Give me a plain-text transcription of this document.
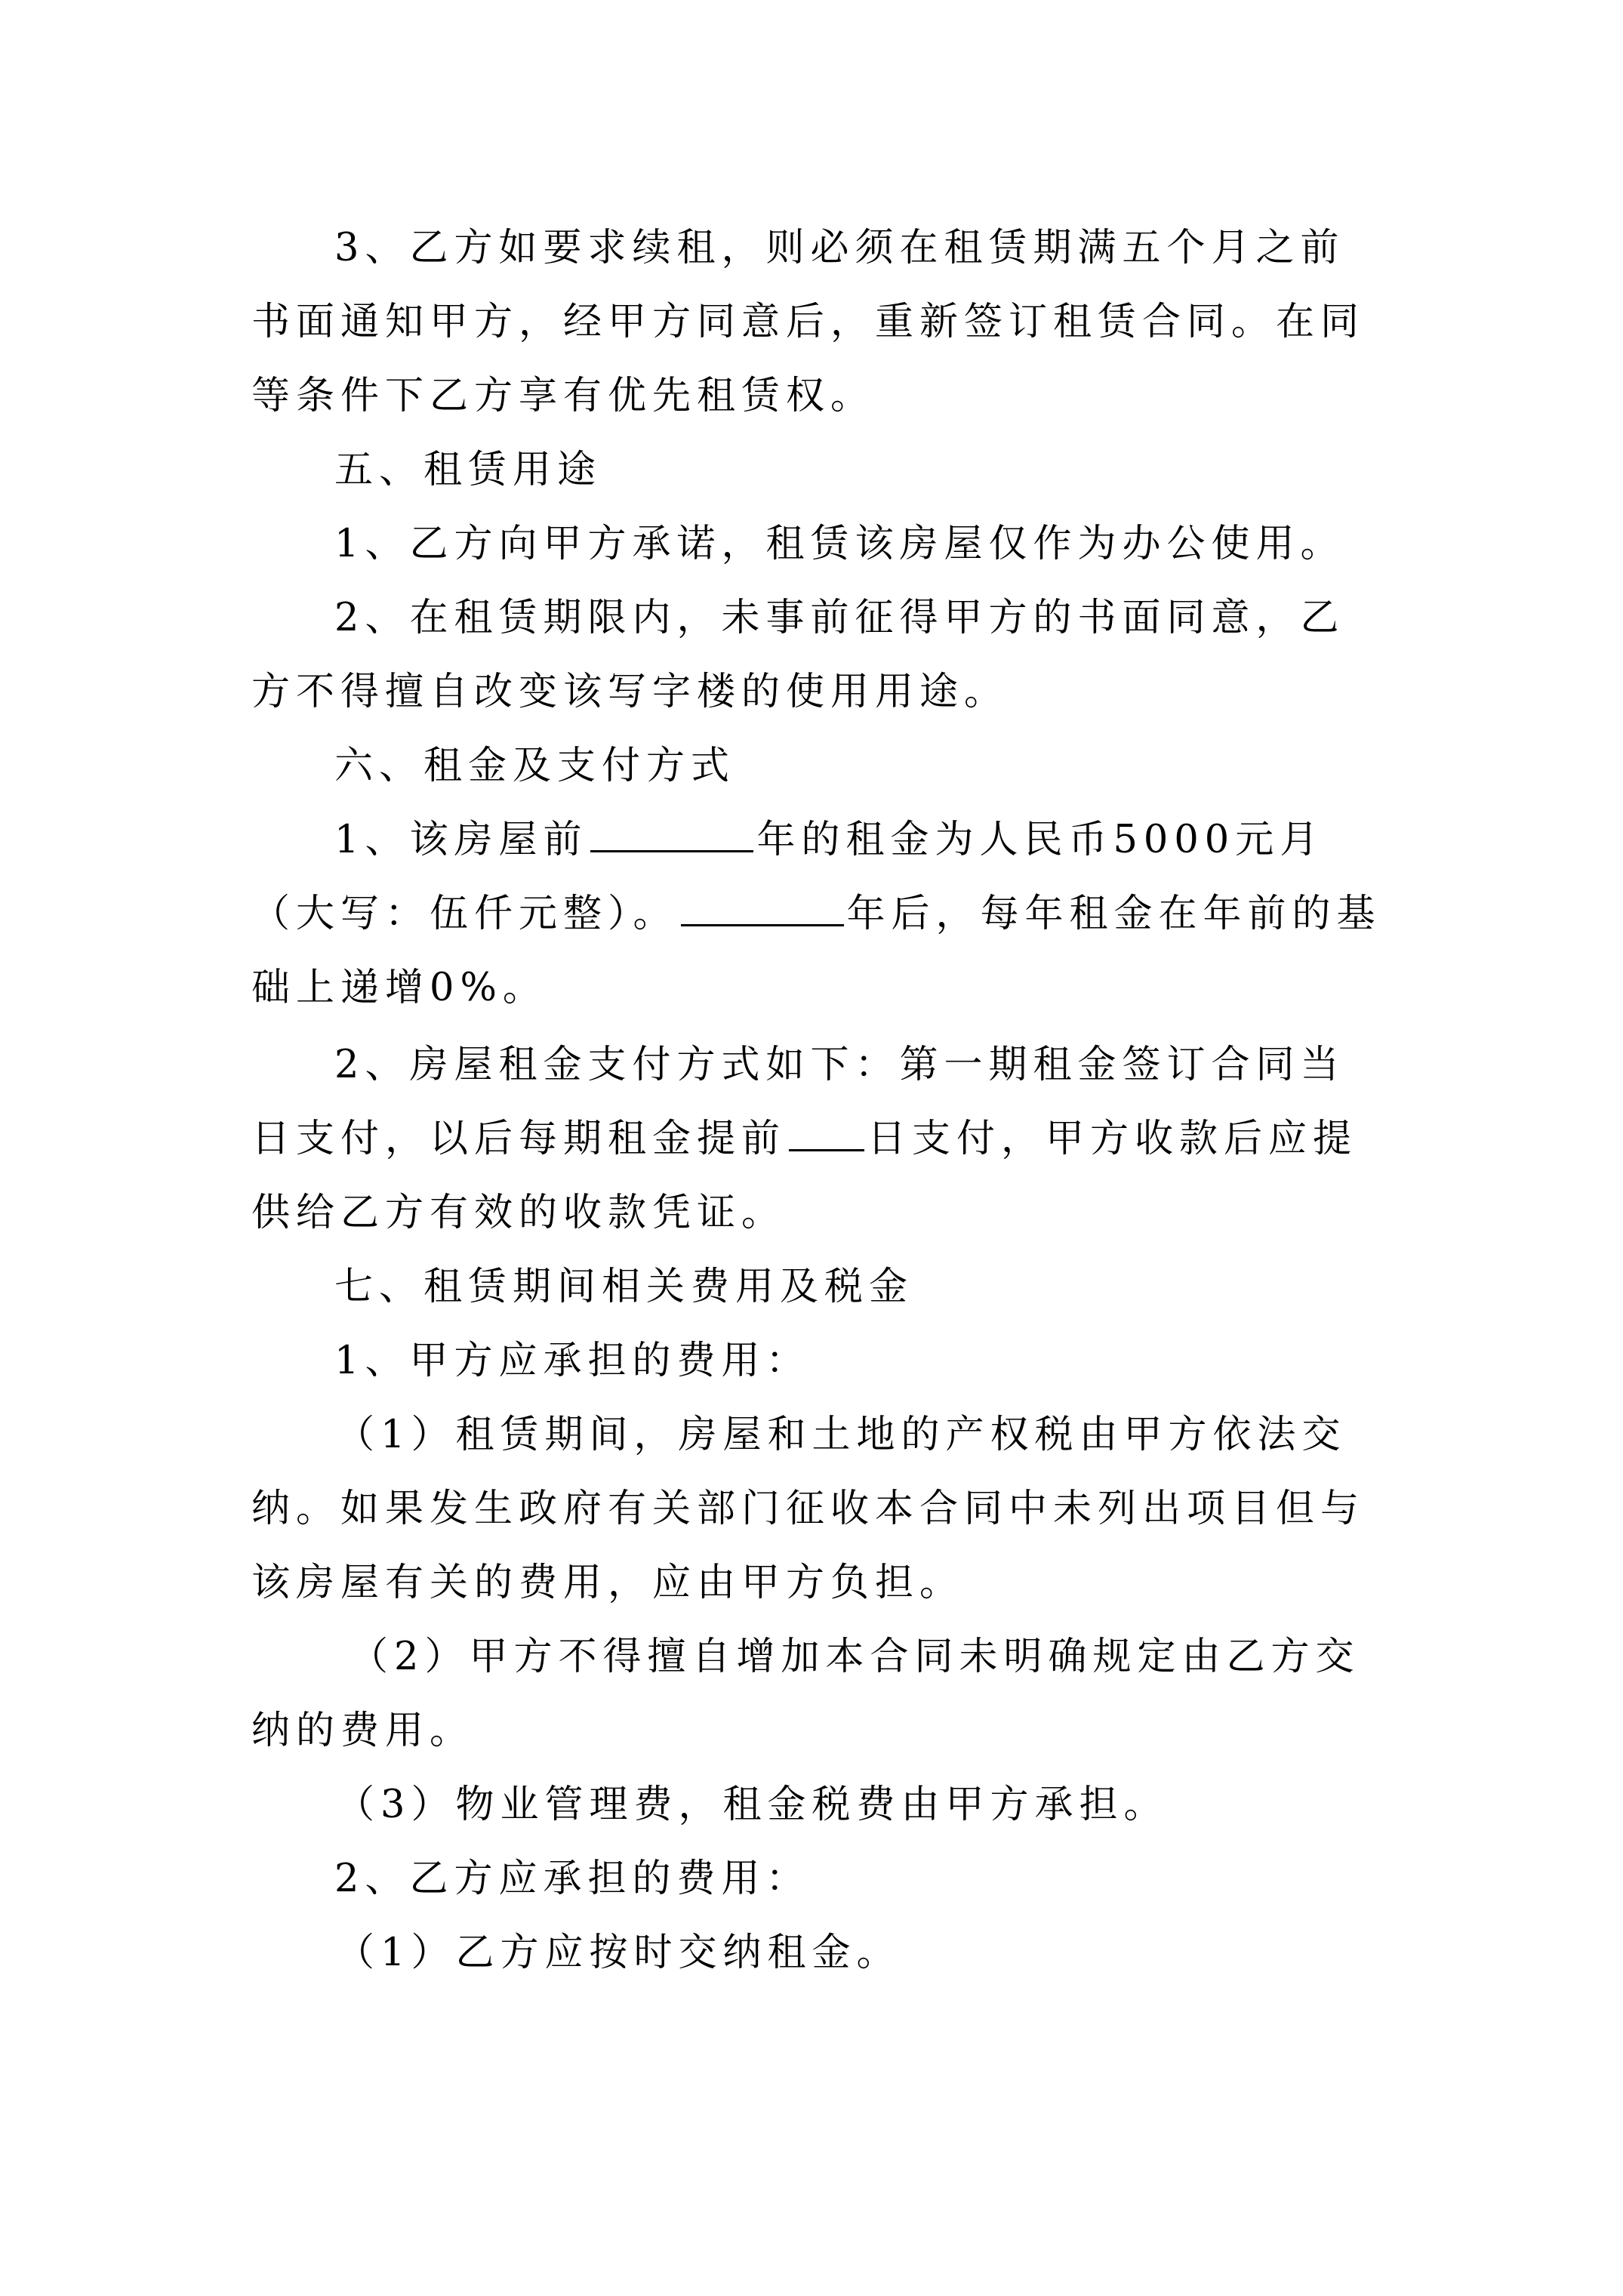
3、乙方如要求续租，则必须在租赁期满五个月之前书面通知甲方，经甲方同意后，重新签订租赁合同。在同等条件下乙方享有优先租赁权。

五、租赁用途

1、乙方向甲方承诺，租赁该房屋仅作为办公使用。

2、在租赁期限内，未事前征得甲方的书面同意，乙方不得擅自改变该写字楼的使用用途。

六、租金及支付方式

1、该房屋前	年的租金为人民币5000元月（大写：伍仟元整）。	年后，每年租金在年前的基础上递增0%。

2、房屋租金支付方式如下：第一期租金签订合同当日支付，以后每期租金提前 日支付，甲方收款后应提供给乙方有效的收款凭证。

七、租赁期间相关费用及税金

1、甲方应承担的费用：

（1）租赁期间，房屋和土地的产权税由甲方依法交纳。如果发生政府有关部门征收本合同中未列出项目但与该房屋有关的费用，应由甲方负担。

（2）甲方不得擅自增加本合同未明确规定由乙方交纳的费用。

（3）物业管理费，租金税费由甲方承担。

2、乙方应承担的费用：

（1）乙方应按时交纳租金。
